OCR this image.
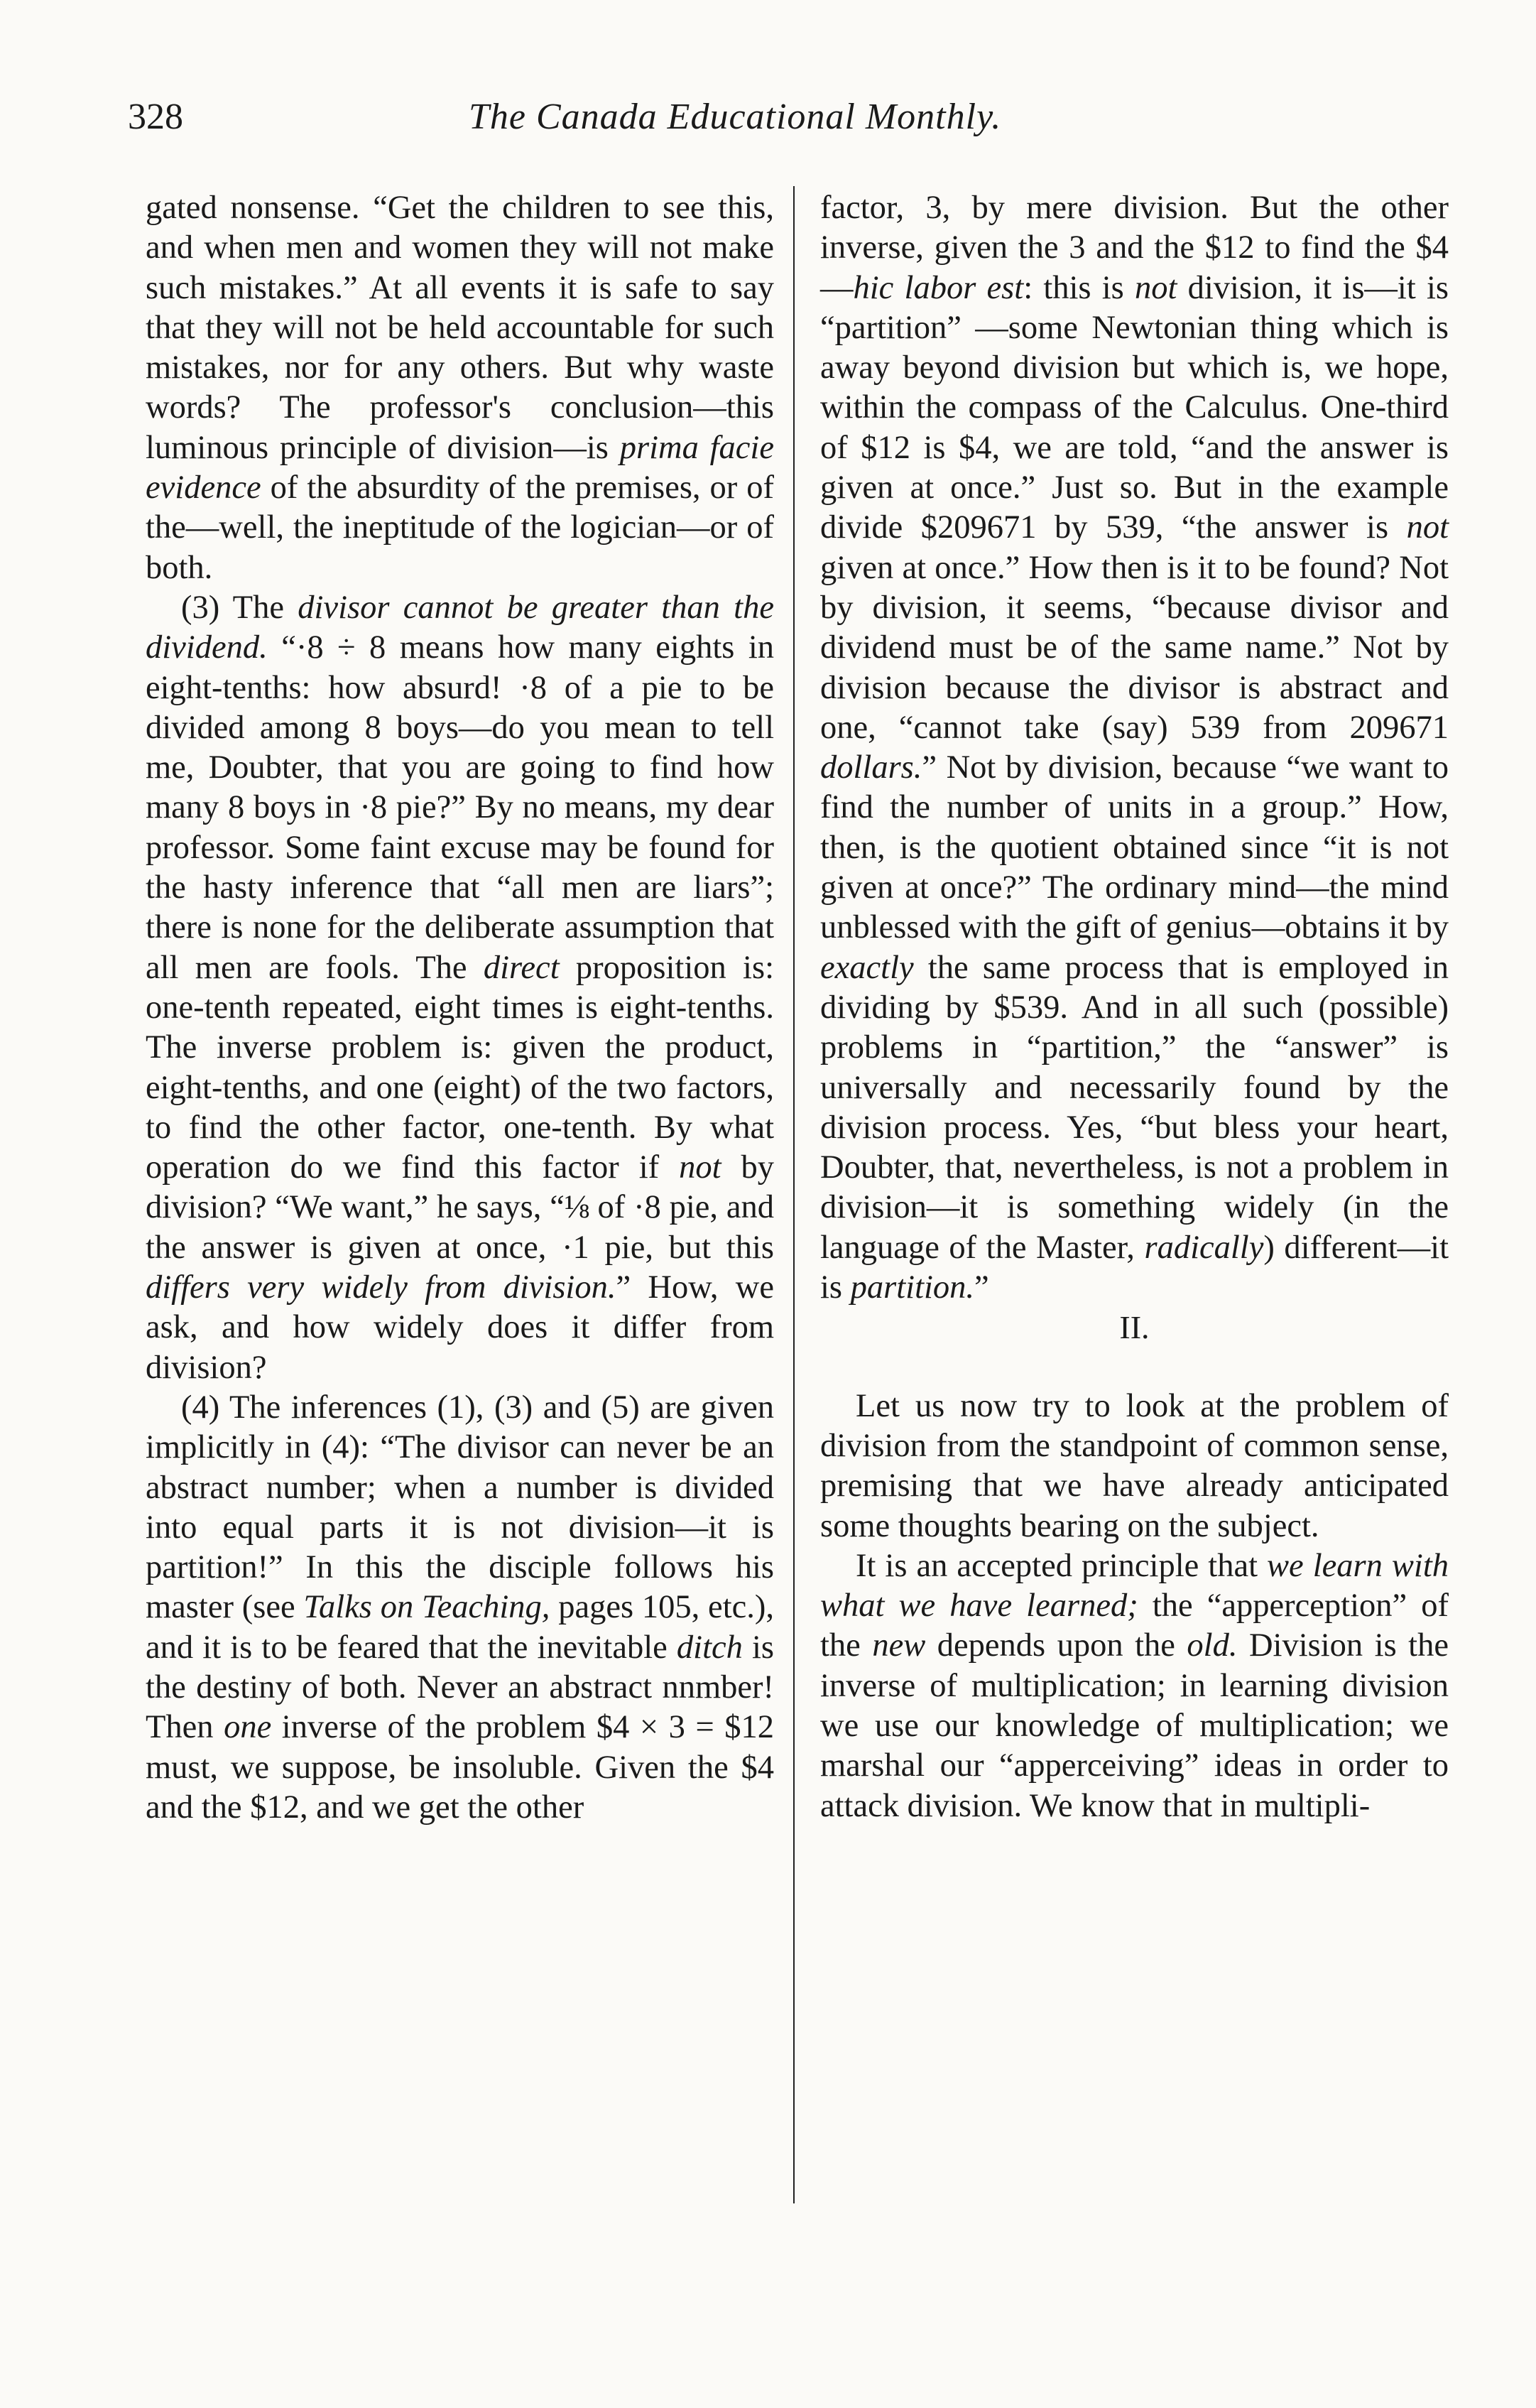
328	The Canada Educational Monthly.

gated nonsense. “Get the children to see this, and when men and women they will not make such mistakes.” At all events it is safe to say that they will not be held accountable for such mistakes, nor for any others. But why waste words? The professor's conclusion—this luminous principle of division—is prima facie evidence of the absurdity of the premises, or of the—well, the ineptitude of the logician—or of both.

(3) The divisor cannot be greater than the dividend. “·8 ÷ 8 means how many eights in eight-tenths: how absurd! ·8 of a pie to be divided among 8 boys—do you mean to tell me, Doubter, that you are going to find how many 8 boys in ·8 pie?” By no means, my dear professor. Some faint excuse may be found for the hasty inference that “all men are liars”; there is none for the deliberate assumption that all men are fools. The direct proposition is: one-tenth repeated, eight times is eight-tenths. The inverse problem is: given the product, eight-tenths, and one (eight) of the two factors, to find the other factor, one-tenth. By what operation do we find this factor if not by division? “We want,” he says, “⅛ of ·8 pie, and the answer is given at once, ·1 pie, but this differs very widely from division.” How, we ask, and how widely does it differ from division?

(4) The inferences (1), (3) and (5) are given implicitly in (4): “The divisor can never be an abstract number; when a number is divided into equal parts it is not division—it is partition!” In this the disciple follows his master (see Talks on Teaching, pages 105, etc.), and it is to be feared that the inevitable ditch is the destiny of both. Never an abstract nnmber! Then one inverse of the problem $4 × 3 = $12 must, we suppose, be insoluble. Given the $4 and the $12, and we get the other

factor, 3, by mere division. But the other inverse, given the 3 and the $12 to find the $4—hic labor est: this is not division, it is—it is “partition” —some Newtonian thing which is away beyond division but which is, we hope, within the compass of the Calculus. One-third of $12 is $4, we are told, “and the answer is given at once.” Just so. But in the example divide $209671 by 539, “the answer is not given at once.” How then is it to be found? Not by division, it seems, “because divisor and dividend must be of the same name.” Not by division because the divisor is abstract and one, “cannot take (say) 539 from 209671 dollars.” Not by division, because “we want to find the number of units in a group.” How, then, is the quotient obtained since “it is not given at once?” The ordinary mind—the mind unblessed with the gift of genius—obtains it by exactly the same process that is employed in dividing by $539. And in all such (possible) problems in “partition,” the “answer” is universally and necessarily found by the division process. Yes, “but bless your heart, Doubter, that, nevertheless, is not a problem in division—it is something widely (in the language of the Master, radically) different—it is partition.”

II.

Let us now try to look at the problem of division from the standpoint of common sense, premising that we have already anticipated some thoughts bearing on the subject.

It is an accepted principle that we learn with what we have learned; the “apperception” of the new depends upon the old. Division is the inverse of multiplication; in learning division we use our knowledge of multiplication; we marshal our “apperceiving” ideas in order to attack division. We know that in multipli-
